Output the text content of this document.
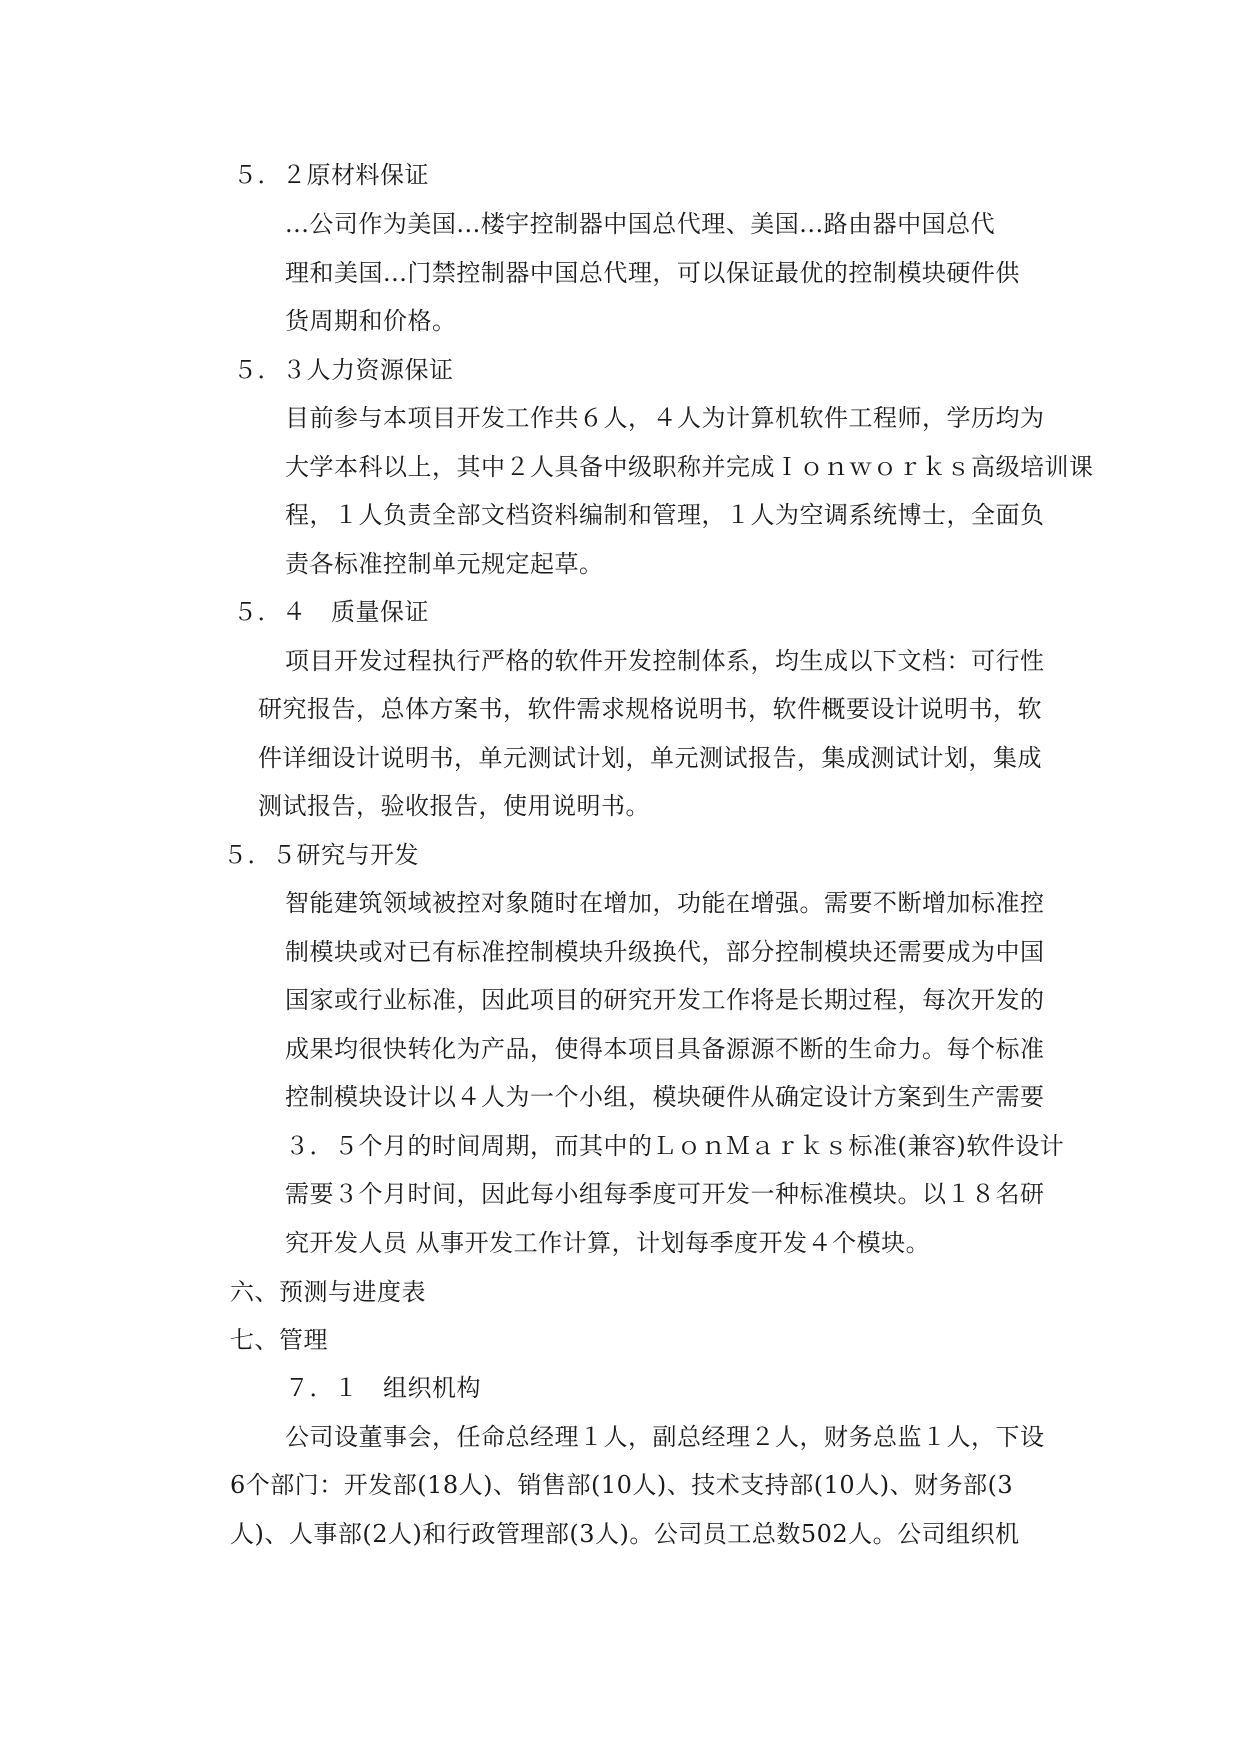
５．２原材料保证
...公司作为美国...楼宇控制器中国总代理、美国...路由器中国总代
理和美国...门禁控制器中国总代理，可以保证最优的控制模块硬件供
货周期和价格。
５．３人力资源保证
目前参与本项目开发工作共６人，４人为计算机软件工程师，学历均为
大学本科以上，其中２人具备中级职称并完成Ｉｏｎｗｏｒｋｓ高级培训课
程，１人负责全部文档资料编制和管理，１人为空调系统博士，全面负
责各标准控制单元规定起草。
５．４　质量保证
项目开发过程执行严格的软件开发控制体系，均生成以下文档：可行性
研究报告，总体方案书，软件需求规格说明书，软件概要设计说明书，软
件详细设计说明书，单元测试计划，单元测试报告，集成测试计划，集成
测试报告，验收报告，使用说明书。
５．５研究与开发
智能建筑领域被控对象随时在增加，功能在增强。需要不断增加标准控
制模块或对已有标准控制模块升级换代，部分控制模块还需要成为中国
国家或行业标准，因此项目的研究开发工作将是长期过程，每次开发的
成果均很快转化为产品，使得本项目具备源源不断的生命力。每个标准
控制模块设计以４人为一个小组，模块硬件从确定设计方案到生产需要
３．５个月的时间周期，而其中的ＬｏｎＭａｒｋｓ标准(兼容)软件设计
需要３个月时间，因此每小组每季度可开发一种标准模块。以１８名研
究开发人员 从事开发工作计算，计划每季度开发４个模块。
六、预测与进度表
七、管理
７．１　组织机构
公司设董事会，任命总经理１人，副总经理２人，财务总监１人，下设
6个部门：开发部(18人)、销售部(10人)、技术支持部(10人)、财务部(3
人)、人事部(2人)和行政管理部(3人)。公司员工总数502人。公司组织机
